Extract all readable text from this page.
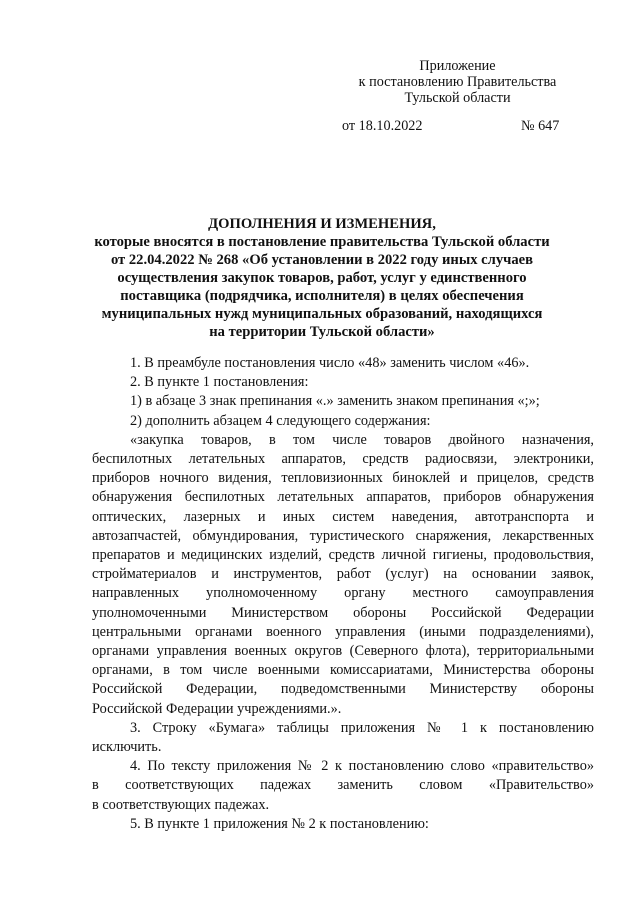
Приложение
к постановлению Правительства
Тульской области
от 18.10.2022	№ 647
ДОПОЛНЕНИЯ И ИЗМЕНЕНИЯ,
которые вносятся в постановление правительства Тульской области
от 22.04.2022 № 268 «Об установлении в 2022 году иных случаев
осуществления закупок товаров, работ, услуг у единственного
поставщика (подрядчика, исполнителя) в целях обеспечения
муниципальных нужд муниципальных образований, находящихся
на территории Тульской области»

1. В преамбуле постановления число «48» заменить числом «46».

2. В пункте 1 постановления:

1) в абзаце 3 знак препинания «.» заменить знаком препинания «;»;

2) дополнить абзацем 4 следующего содержания:

«закупка товаров, в том числе товаров двойного назначения,
беспилотных летательных аппаратов, средств радиосвязи, электроники,
приборов ночного видения, тепловизионных биноклей и прицелов, средств
обнаружения беспилотных летательных аппаратов, приборов обнаружения
оптических, лазерных и иных систем наведения, автотранспорта и
автозапчастей, обмундирования, туристического снаряжения, лекарственных
препаратов и медицинских изделий, средств личной гигиены, продовольствия,
стройматериалов и инструментов, работ (услуг) на основании заявок,
направленных уполномоченному органу местного самоуправления
уполномоченными Министерством обороны Российской Федерации
центральными органами военного управления (иными подразделениями),
органами управления военных округов (Северного флота), территориальными
органами, в том числе военными комиссариатами, Министерства обороны
Российской Федерации, подведомственными Министерству обороны
Российской Федерации учреждениями.».

3. Строку «Бумага» таблицы приложения № 1 к постановлению
исключить.

4. По тексту приложения № 2 к постановлению слово «правительство»
в соответствующих падежах заменить словом «Правительство»
в соответствующих падежах.

5. В пункте 1 приложения № 2 к постановлению:
